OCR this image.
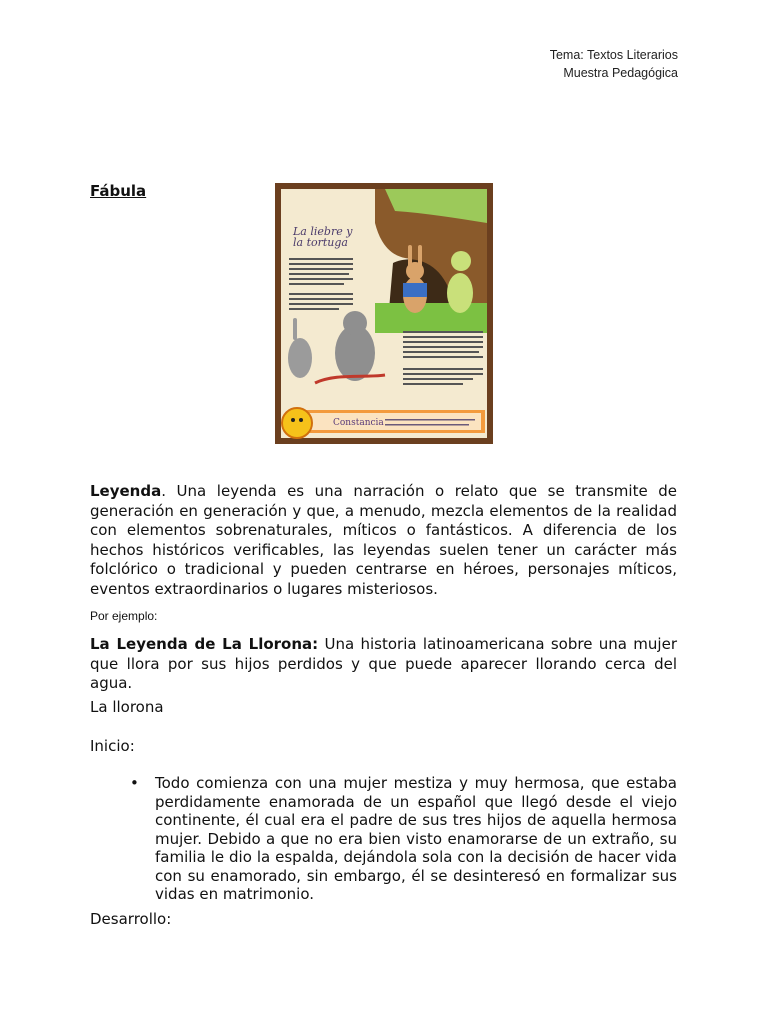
Tema: Textos Literarios
Muestra Pedagógica
Fábula
La liebre y
la tortuga
Constancia
Leyenda. Una leyenda es una narración o relato que se transmite de generación en generación y que, a menudo, mezcla elementos de la realidad con elementos sobrenaturales, míticos o fantásticos. A diferencia de los hechos históricos verificables, las leyendas suelen tener un carácter más folclórico o tradicional y pueden centrarse en héroes, personajes míticos, eventos extraordinarios o lugares misteriosos.
Por ejemplo:
La Leyenda de La Llorona: Una historia latinoamericana sobre una mujer que llora por sus hijos perdidos y que puede aparecer llorando cerca del agua.
La llorona
Inicio:
• Todo comienza con una mujer mestiza y muy hermosa, que estaba perdidamente enamorada de un español que llegó desde el viejo continente, él cual era el padre de sus tres hijos de aquella hermosa mujer. Debido a que no era bien visto enamorarse de un extraño, su familia le dio la espalda, dejándola sola con la decisión de hacer vida con su enamorado, sin embargo, él se desinteresó en formalizar sus vidas en matrimonio.
Desarrollo:
